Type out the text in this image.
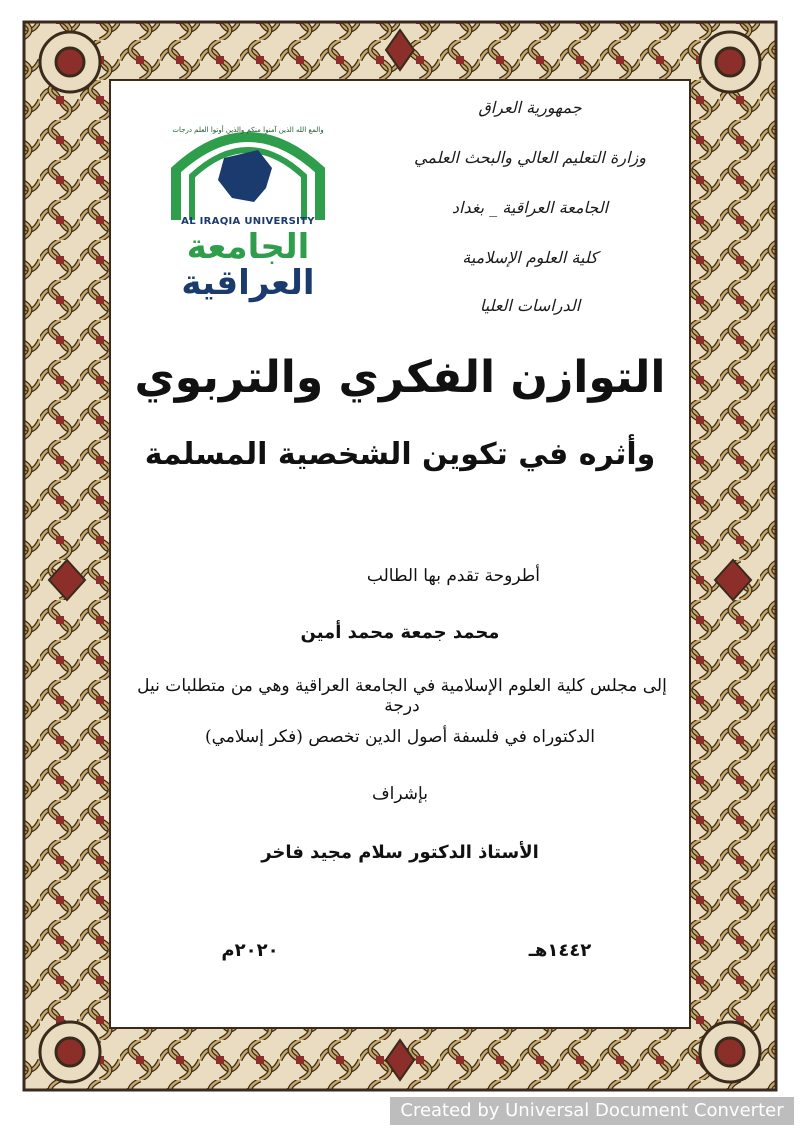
جمهورية العراق
وزارة التعليم العالي والبحث العلمي
الجامعة العراقية _ بغداد
كلية العلوم الإسلامية
الدراسات العليا
والمع الله الذين آمنوا منكم والذين أوتوا العلم درجات
AL IRAQIA UNIVERSITY
الجامعة
العراقية
التوازن الفكري والتربوي
وأثره في تكوين الشخصية المسلمة
أطروحة تقدم بها الطالب
محمد جمعة محمد أمين
إلى مجلس كلية العلوم الإسلامية في الجامعة العراقية وهي من متطلبات نيل درجة
الدكتوراه في فلسفة أصول الدين تخصص (فكر إسلامي)
بإشراف
الأستاذ الدكتور سلام مجيد فاخر
١٤٤٢هـ
٢٠٢٠م
Created by Universal Document Converter
